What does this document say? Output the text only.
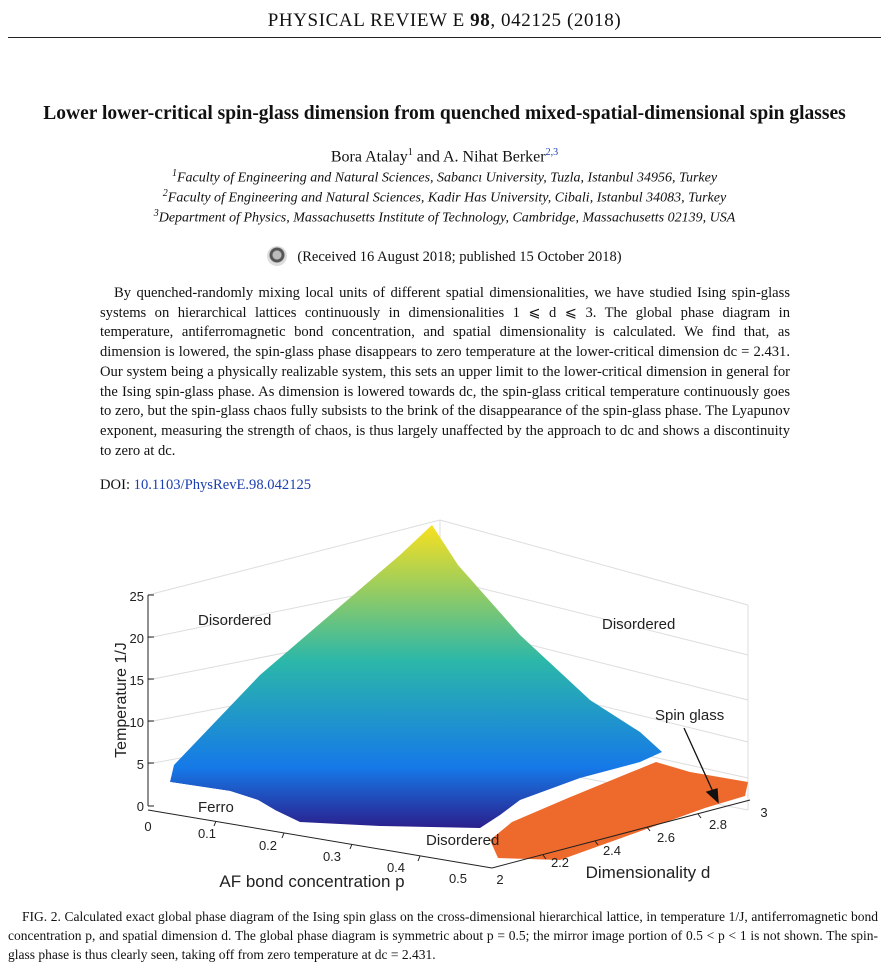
PHYSICAL REVIEW E 98, 042125 (2018)
Lower lower-critical spin-glass dimension from quenched mixed-spatial-dimensional spin glasses
Bora Atalay$^1$ and A. Nihat Berker$^{2,3}$
$^1$Faculty of Engineering and Natural Sciences, Sabancı University, Tuzla, Istanbul 34956, Turkey
$^2$Faculty of Engineering and Natural Sciences, Kadir Has University, Cibali, Istanbul 34083, Turkey
$^3$Department of Physics, Massachusetts Institute of Technology, Cambridge, Massachusetts 02139, USA
(Received 16 August 2018; published 15 October 2018)
By quenched-randomly mixing local units of different spatial dimensionalities, we have studied Ising spin-glass systems on hierarchical lattices continuously in dimensionalities 1 ⩽ d ⩽ 3. The global phase diagram in temperature, antiferromagnetic bond concentration, and spatial dimensionality is calculated. We find that, as dimension is lowered, the spin-glass phase disappears to zero temperature at the lower-critical dimension dc = 2.431. Our system being a physically realizable system, this sets an upper limit to the lower-critical dimension in general for the Ising spin-glass phase. As dimension is lowered towards dc, the spin-glass critical temperature continuously goes to zero, but the spin-glass chaos fully subsists to the brink of the disappearance of the spin-glass phase. The Lyapunov exponent, measuring the strength of chaos, is thus largely unaffected by the approach to dc and shows a discontinuity to zero at dc.
DOI: 10.1103/PhysRevE.98.042125
0
5
10
15
20
25
Temperature 1/J
0	0.1
0.2
0.3
0.4
0.5
AF bond concentration p	2
2.2
2.4
2.6
2.8
3
Dimensionality d
Disordered	Disordered
Disordered
Spin glass
Ferro
FIG. 2. Calculated exact global phase diagram of the Ising spin glass on the cross-dimensional hierarchical lattice, in temperature 1/J, antiferromagnetic bond concentration p, and spatial dimension d. The global phase diagram is symmetric about p = 0.5; the mirror image portion of 0.5 < p < 1 is not shown. The spin-glass phase is thus clearly seen, taking off from zero temperature at dc = 2.431.
